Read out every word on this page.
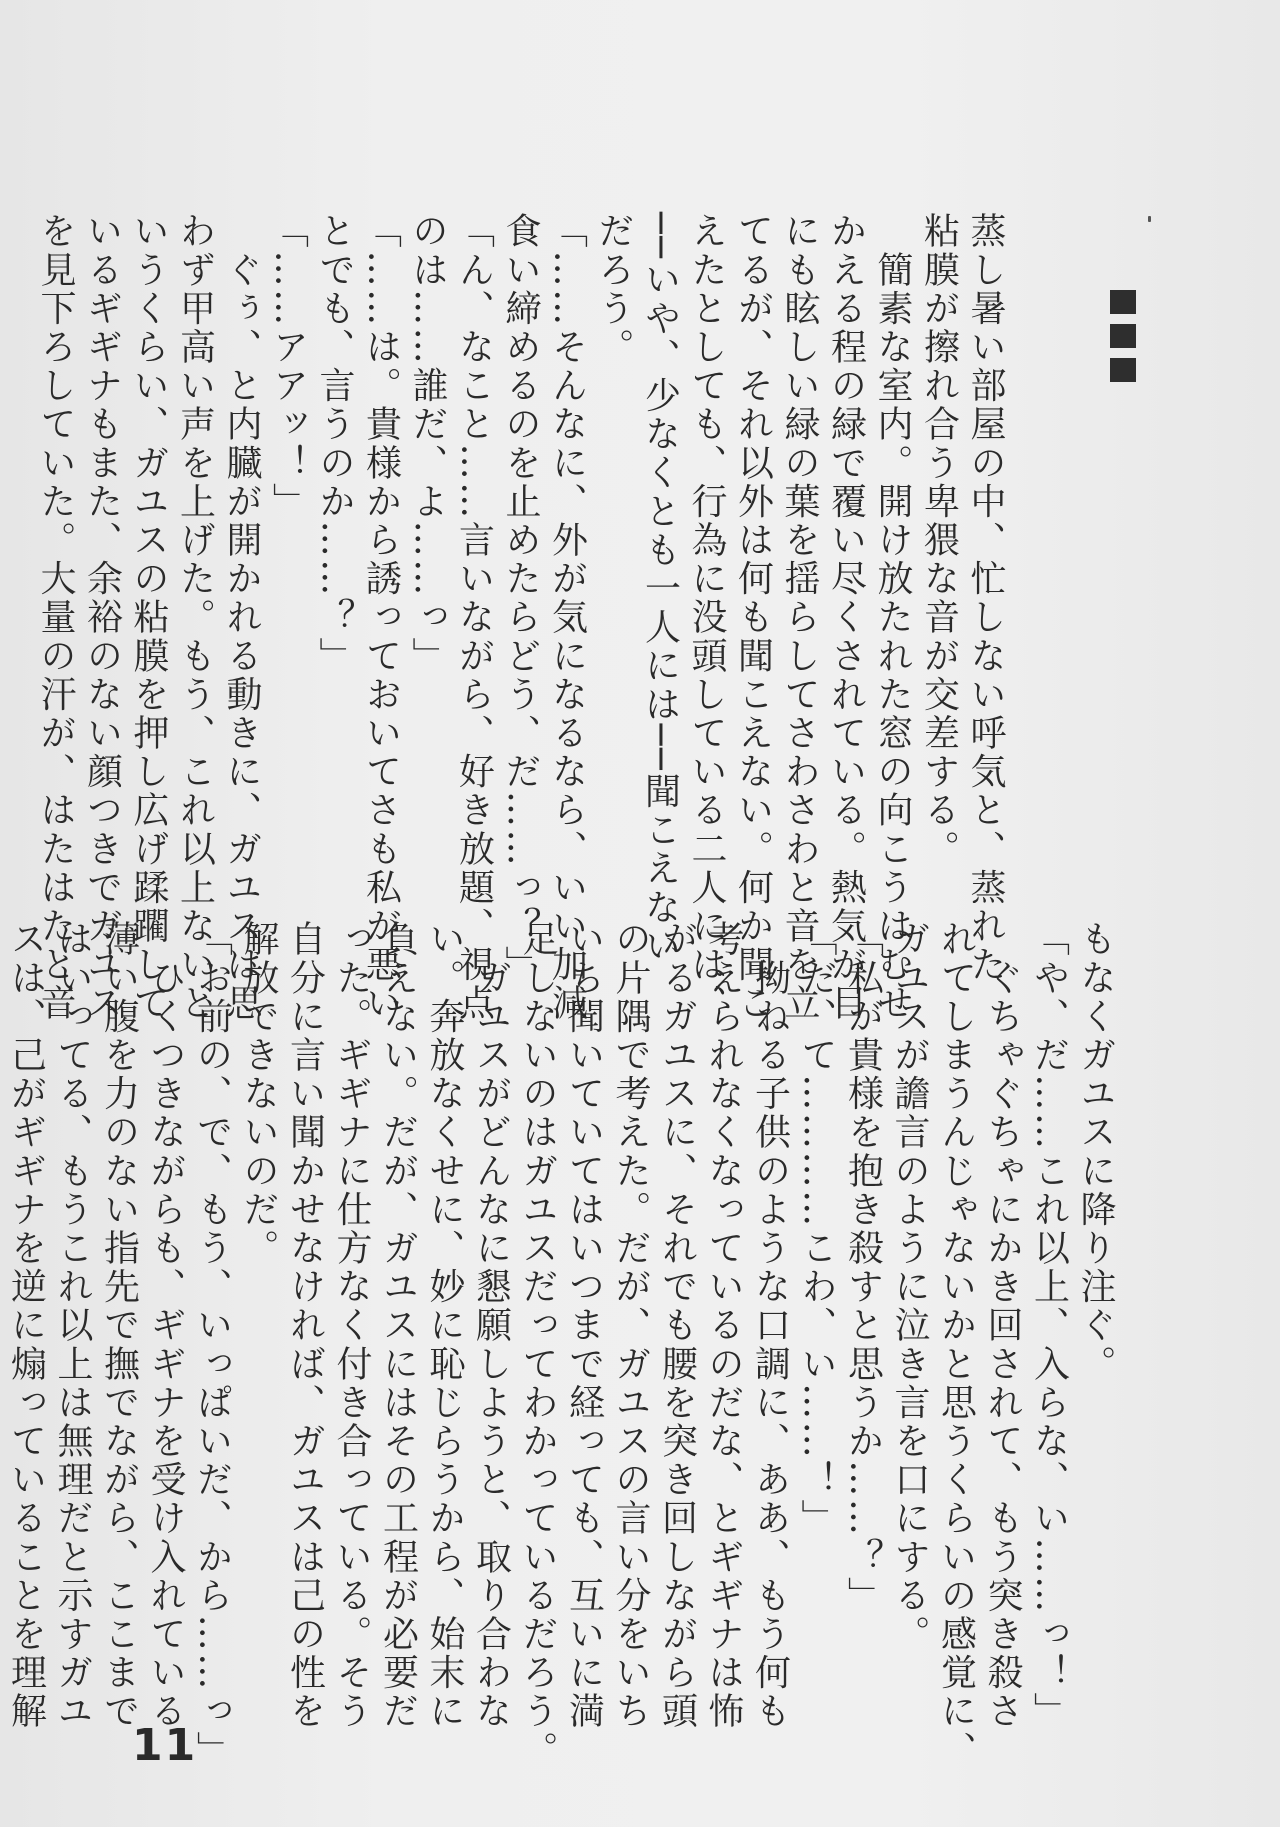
蒸し暑い部屋の中、忙しない呼気と、蒸れた
粘膜が擦れ合う卑猥な音が交差する。
　簡素な室内。開け放たれた窓の向こうはむせ
かえる程の緑で覆い尽くされている。熱気が目
にも眩しい緑の葉を揺らしてさわさわと音を立
てるが、それ以外は何も聞こえない。何か聞こ
えたとしても、行為に没頭している二人には、
──いや、少なくとも一人には──聞こえない
だろう。
「……そんなに、外が気になるなら、いい加減
食い締めるのを止めたらどう、だ……っ？」
「ん、なこと……言いながら、好き放題、視点
のは……誰だ、よ……っ」
「……は。貴様から誘っておいてさも私が悪い
とでも、言うのか……？」
「……アアッ！」
　ぐぅ、と内臓が開かれる動きに、ガユスは思
わず甲高い声を上げた。もう、これ以上ないと
いうくらい、ガユスの粘膜を押し広げ蹂躙して
いるギギナもまた、余裕のない顔つきでガユス
を見下ろしていた。大量の汗が、はたはたと音
もなくガユスに降り注ぐ。
「や、だ……これ以上、入らな、い……っ！」
　ぐちゃぐちゃにかき回されて、もう突き殺さ
れてしまうんじゃないかと思うくらいの感覚に、
ガユスが譫言のように泣き言を口にする。
「私が貴様を抱き殺すと思うか……？」
「だ、て…………こわ、い……！」
　拗ねる子供のような口調に、ああ、もう何も
考えられなくなっているのだな、とギギナは怖
がるガユスに、それでも腰を突き回しながら頭
の片隅で考えた。だが、ガユスの言い分をいち
いち聞いていてはいつまで経っても、互いに満
足しないのはガユスだってわかっているだろう。
　ガユスがどんなに懇願しようと、取り合わな
い。奔放なくせに、妙に恥じらうから、始末に
負えない。だが、ガユスにはその工程が必要だ
った。ギギナに仕方なく付き合っている。そう
自分に言い聞かせなければ、ガユスは己の性を
解放できないのだ。
「お前の、で、もう、いっぱいだ、から……っ」
　ひくつきながらも、ギギナを受け入れている
薄い腹を力のない指先で撫でながら、ここまで
はいってる、もうこれ以上は無理だと示すガユ
スは、己がギギナを逆に煽っていることを理解
11
